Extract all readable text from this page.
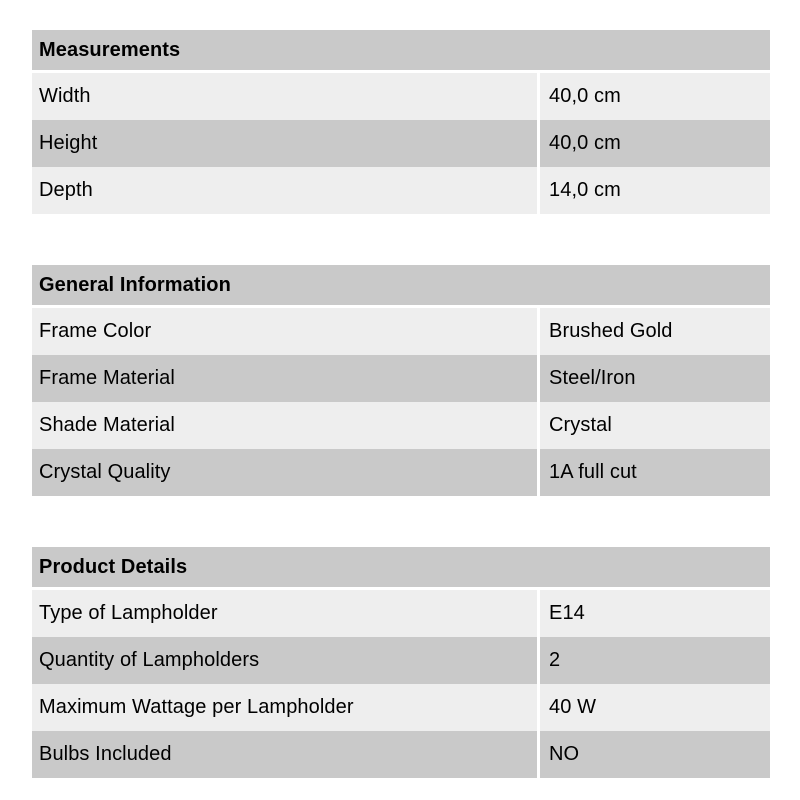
Measurements
Width	40,0 cm
Height	40,0 cm
Depth	14,0 cm
General Information
Frame Color	Brushed Gold
Frame Material	Steel/Iron
Shade Material	Crystal
Crystal Quality	1A full cut
Product Details
Type of Lampholder	E14
Quantity of Lampholders	2
Maximum Wattage per Lampholder	40 W
Bulbs Included	NO
